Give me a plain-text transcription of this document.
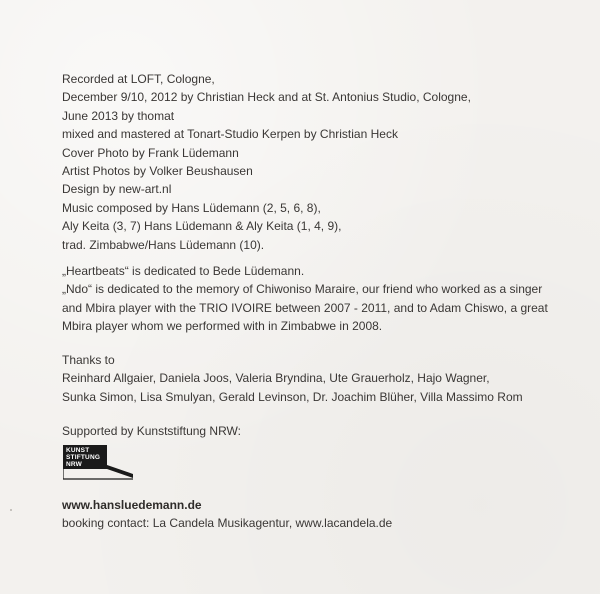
Recorded at LOFT, Cologne,
December 9/10, 2012 by Christian Heck and at St. Antonius Studio, Cologne,
June 2013 by thomat
mixed and mastered at Tonart-Studio Kerpen by Christian Heck
Cover Photo by Frank Lüdemann
Artist Photos by Volker Beushausen
Design by new-art.nl
Music composed by Hans Lüdemann (2, 5, 6, 8),
Aly Keita (3, 7) Hans Lüdemann & Aly Keita (1, 4, 9),
trad. Zimbabwe/Hans Lüdemann (10).
„Heartbeats“ is dedicated to Bede Lüdemann.
„Ndo“ is dedicated to the memory of Chiwoniso Maraire, our friend who worked as a singer
and Mbira player with the TRIO IVOIRE between 2007 - 2011, and to Adam Chiswo, a great
Mbira player whom we performed with in Zimbabwe in 2008.
Thanks to
Reinhard Allgaier, Daniela Joos, Valeria Bryndina, Ute Grauerholz, Hajo Wagner,
Sunka Simon, Lisa Smulyan, Gerald Levinson, Dr. Joachim Blüher, Villa Massimo Rom
Supported by Kunststiftung NRW:
KUNST
STIFTUNG
NRW
www.hansluedemann.de
booking contact: La Candela Musikagentur, www.lacandela.de
